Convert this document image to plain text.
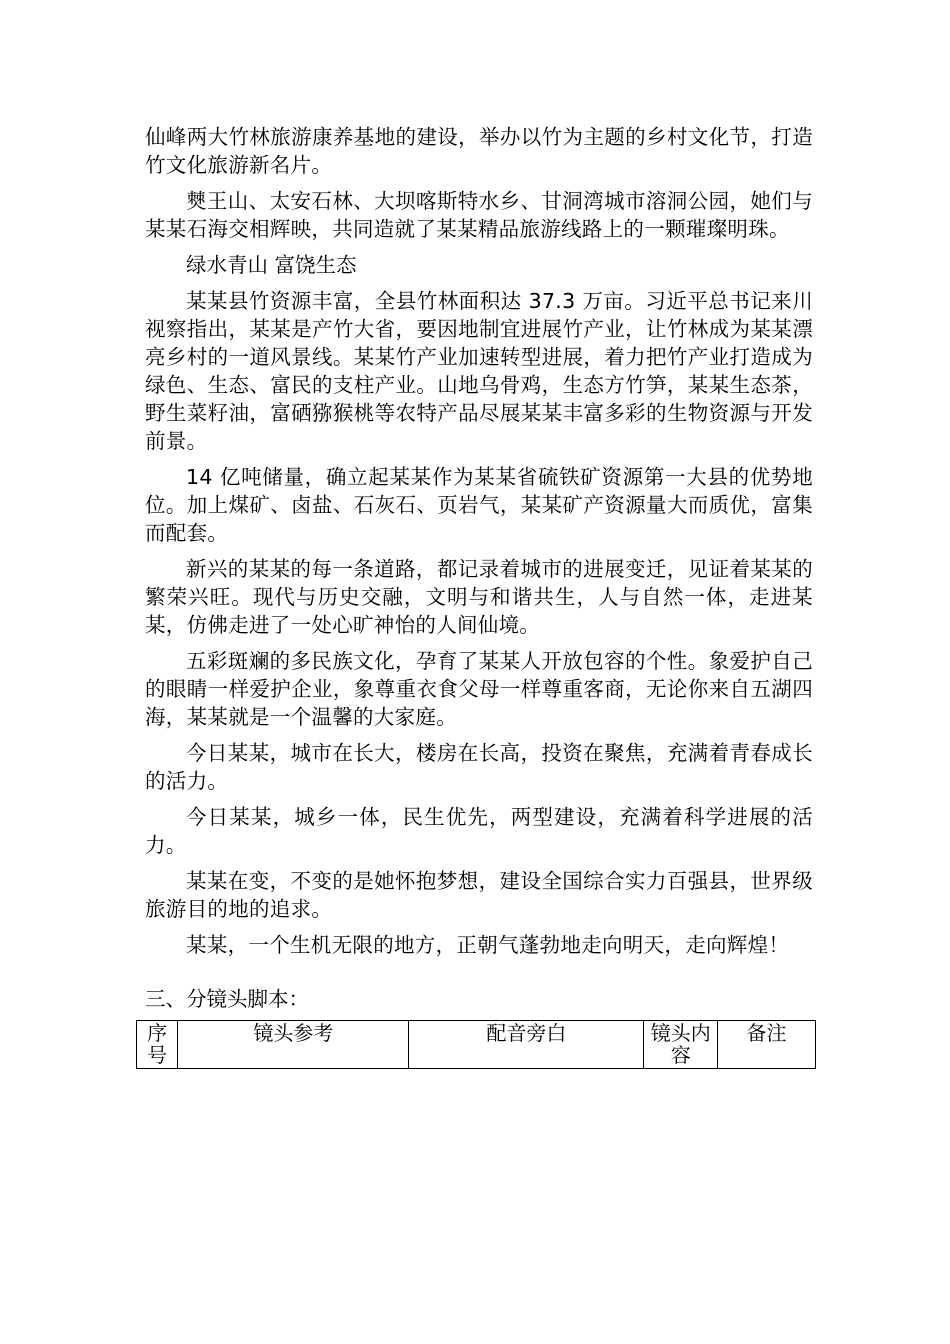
仙峰两大竹林旅游康养基地的建设，举办以竹为主题的乡村文化节，打造竹文化旅游新名片。

僰王山、太安石林、大坝喀斯特水乡、甘洞湾城市溶洞公园，她们与某某石海交相辉映，共同造就了某某精品旅游线路上的一颗璀璨明珠。

绿水青山 富饶生态

某某县竹资源丰富，全县竹林面积达 37.3 万亩。习近平总书记来川视察指出，某某是产竹大省，要因地制宜进展竹产业，让竹林成为某某漂亮乡村的一道风景线。某某竹产业加速转型进展，着力把竹产业打造成为绿色、生态、富民的支柱产业。山地乌骨鸡，生态方竹笋，某某生态茶，野生菜籽油，富硒猕猴桃等农特产品尽展某某丰富多彩的生物资源与开发前景。

14 亿吨储量，确立起某某作为某某省硫铁矿资源第一大县的优势地位。加上煤矿、卤盐、石灰石、页岩气，某某矿产资源量大而质优，富集而配套。

新兴的某某的每一条道路，都记录着城市的进展变迁，见证着某某的繁荣兴旺。现代与历史交融，文明与和谐共生，人与自然一体，走进某某，仿佛走进了一处心旷神怡的人间仙境。

五彩斑斓的多民族文化，孕育了某某人开放包容的个性。象爱护自己的眼睛一样爱护企业，象尊重衣食父母一样尊重客商，无论你来自五湖四海，某某就是一个温馨的大家庭。

今日某某，城市在长大，楼房在长高，投资在聚焦，充满着青春成长的活力。

今日某某，城乡一体，民生优先，两型建设，充满着科学进展的活力。

某某在变，不变的是她怀抱梦想，建设全国综合实力百强县，世界级旅游目的地的追求。

某某，一个生机无限的地方，正朝气蓬勃地走向明天，走向辉煌！

三、分镜头脚本：

序号	镜头参考	配音旁白	镜头内容	备注
